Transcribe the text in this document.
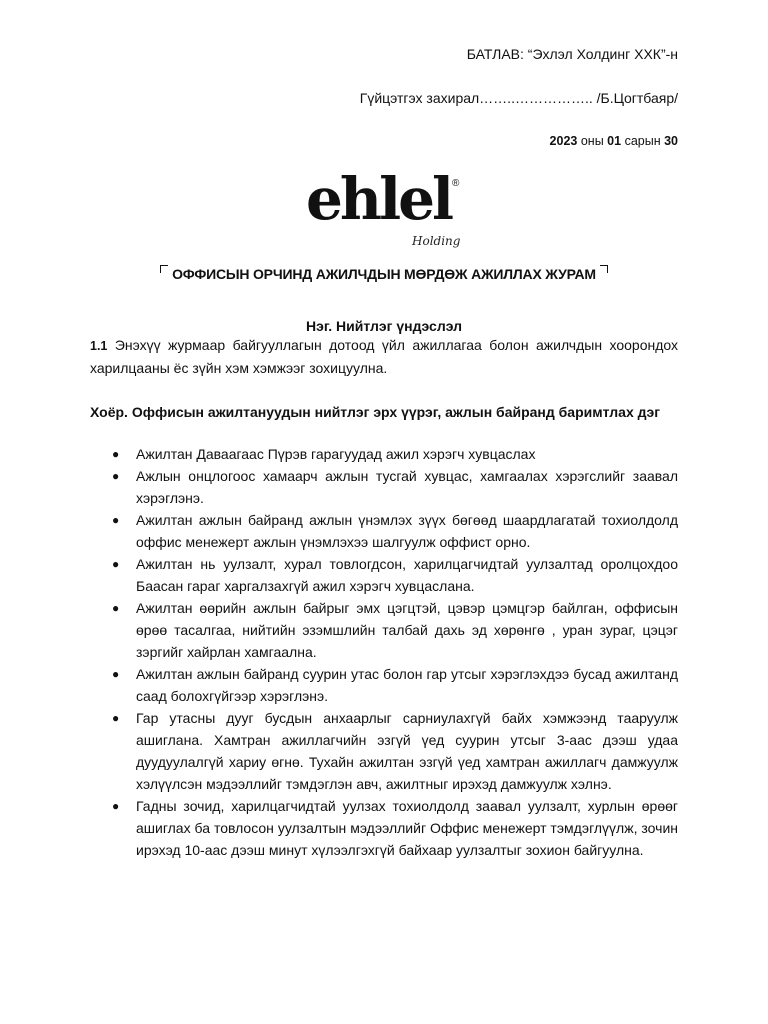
БАТЛАВ: “Эхлэл Холдинг ХХК”-н
Гүйцэтгэх захирал……..…………….. /Б.Цогтбаяр/
2023 оны 01 сарын 30
ehlel ®
Holding
ОФФИСЫН ОРЧИНД АЖИЛЧДЫН МӨРДӨЖ АЖИЛЛАХ ЖУРАМ
Нэг. Нийтлэг үндэслэл
1.1 Энэхүү журмаар байгууллагын дотоод үйл ажиллагаа болон ажилчдын хоорондох харилцааны ёс зүйн хэм хэмжээг зохицуулна.
Хоёр. Оффисын ажилтануудын нийтлэг эрх үүрэг, ажлын байранд баримтлах дэг
● Ажилтан Даваагаас Пүрэв гарагуудад ажил хэрэгч хувцаслах
● Ажлын онцлогоос хамаарч ажлын тусгай хувцас, хамгаалах хэрэгслийг заавал хэрэглэнэ.
● Ажилтан ажлын байранд ажлын үнэмлэх зүүх бөгөөд шаардлагатай тохиолдолд оффис менежерт ажлын үнэмлэхээ шалгуулж оффист орно.
● Ажилтан нь уулзалт, хурал товлогдсон, харилцагчидтай уулзалтад оролцохдоо Баасан гараг харгалзахгүй ажил хэрэгч хувцаслана.
● Ажилтан өөрийн ажлын байрыг эмх цэгцтэй, цэвэр цэмцгэр байлган, оффисын өрөө тасалгаа, нийтийн эзэмшлийн талбай дахь эд хөрөнгө , уран зураг, цэцэг зэргийг хайрлан хамгаална.
● Ажилтан ажлын байранд суурин утас болон гар утсыг хэрэглэхдээ бусад ажилтанд саад болохгүйгээр хэрэглэнэ.
● Гар утасны дууг бусдын анхаарлыг сарниулахгүй байх хэмжээнд тааруулж ашиглана. Хамтран ажиллагчийн эзгүй үед суурин утсыг 3-аас дээш удаа дуудуулалгүй хариу өгнө. Тухайн ажилтан эзгүй үед хамтран ажиллагч дамжуулж хэлүүлсэн мэдээллийг тэмдэглэн авч, ажилтныг ирэхэд дамжуулж хэлнэ.
● Гадны зочид, харилцагчидтай уулзах тохиолдолд заавал уулзалт, хурлын өрөөг ашиглах ба товлосон уулзалтын мэдээллийг Оффис менежерт тэмдэглүүлж, зочин ирэхэд 10-аас дээш минут хүлээлгэхгүй байхаар уулзалтыг зохион байгуулна.
